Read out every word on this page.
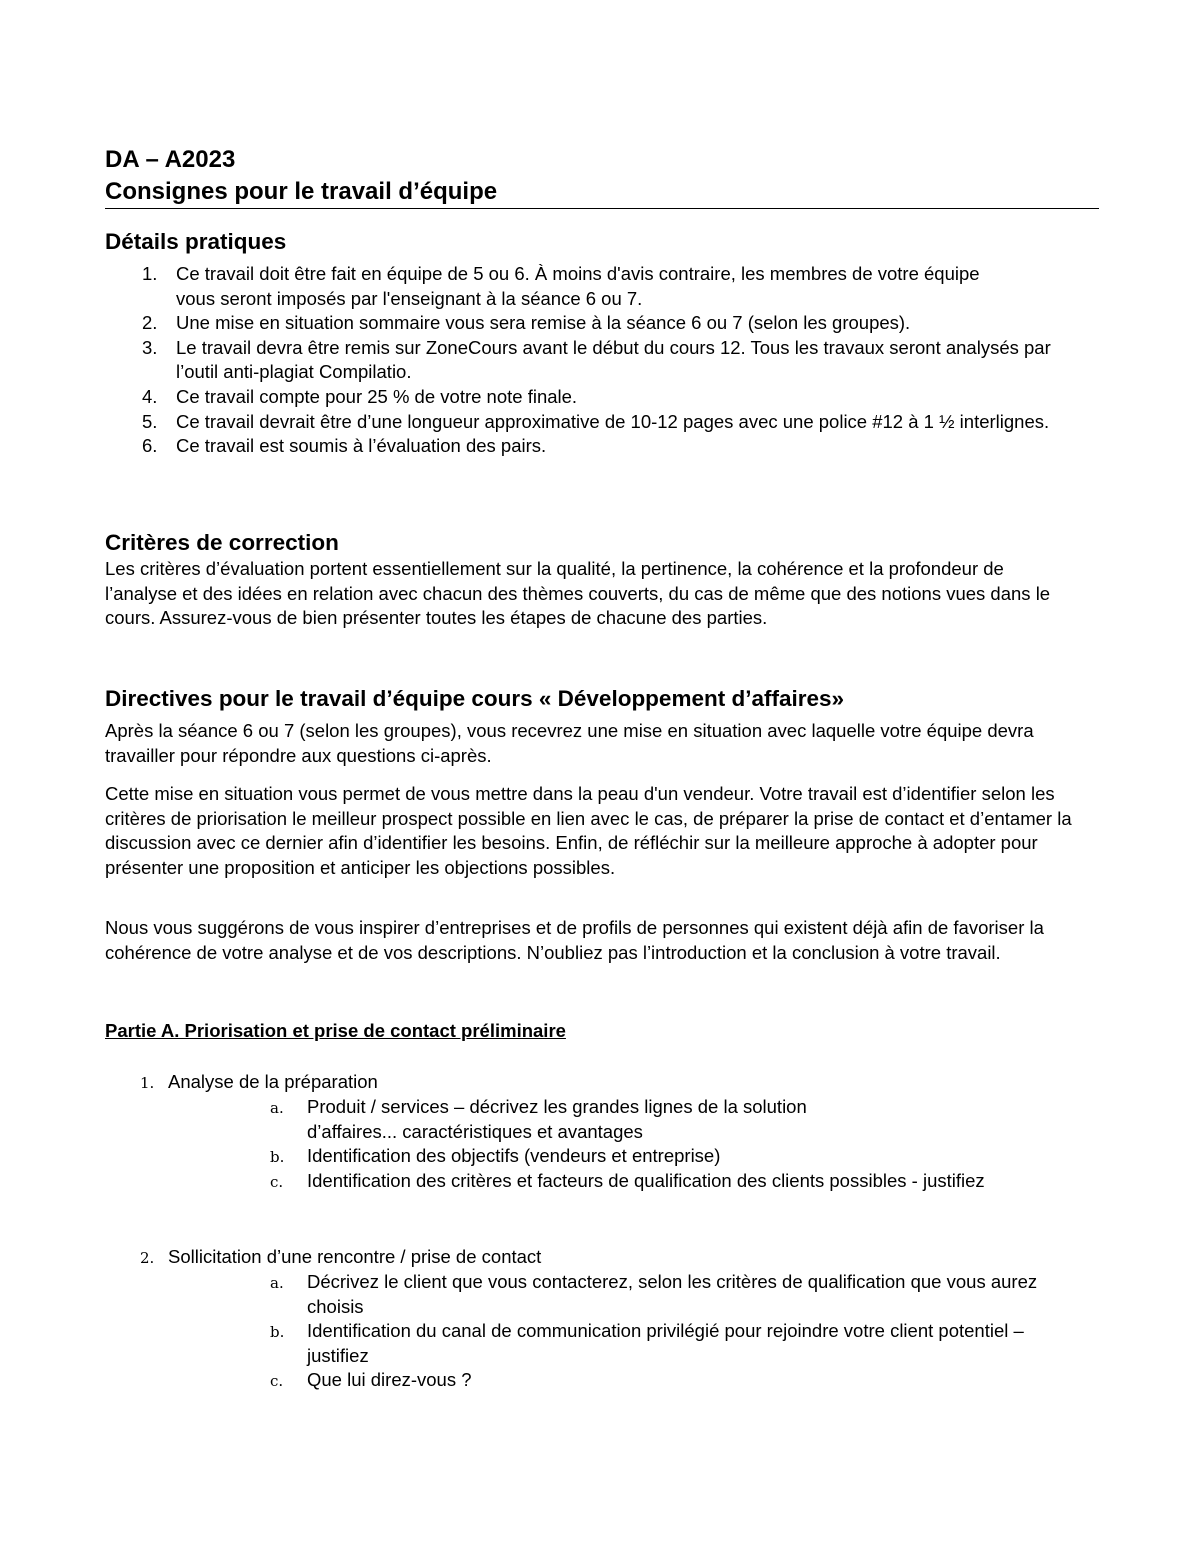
DA – A2023

Consignes pour le travail d’équipe

Détails pratiques
1. Ce travail doit être fait en équipe de 5 ou 6. À moins d'avis contraire, les membres de votre équipe vous seront imposés par l'enseignant à la séance 6 ou 7.
2. Une mise en situation sommaire vous sera remise à la séance 6 ou 7 (selon les groupes).
3. Le travail devra être remis sur ZoneCours avant le début du cours 12. Tous les travaux seront analysés par l’outil anti-plagiat Compilatio.
4. Ce travail compte pour 25 % de votre note finale.
5. Ce travail devrait être d’une longueur approximative de 10-12 pages avec une police #12 à 1 ½ interlignes.
6. Ce travail est soumis à l’évaluation des pairs.
Critères de correction

Les critères d’évaluation portent essentiellement sur la qualité, la pertinence, la cohérence et la profondeur de l’analyse et des idées en relation avec chacun des thèmes couverts, du cas de même que des notions vues dans le cours. Assurez-vous de bien présenter toutes les étapes de chacune des parties.

Directives pour le travail d’équipe cours « Développement d’affaires»

Après la séance 6 ou 7 (selon les groupes), vous recevrez une mise en situation avec laquelle votre équipe devra travailler pour répondre aux questions ci-après.

Cette mise en situation vous permet de vous mettre dans la peau d'un vendeur. Votre travail est d’identifier selon les critères de priorisation le meilleur prospect possible en lien avec le cas, de préparer la prise de contact et d’entamer la discussion avec ce dernier afin d’identifier les besoins. Enfin, de réfléchir sur la meilleure approche à adopter pour présenter une proposition et anticiper les objections possibles.

Nous vous suggérons de vous inspirer d’entreprises et de profils de personnes qui existent déjà afin de favoriser la cohérence de votre analyse et de vos descriptions. N’oubliez pas l’introduction et la conclusion à votre travail.

Partie A. Priorisation et prise de contact préliminaire

1. Analyse de la préparation

a. Produit / services – décrivez les grandes lignes de la solution d’affaires... caractéristiques et avantages
b. Identification des objectifs (vendeurs et entreprise)
c. Identification des critères et facteurs de qualification des clients possibles - justifiez

2. Sollicitation d’une rencontre / prise de contact

a. Décrivez le client que vous contacterez, selon les critères de qualification que vous aurez choisis
b. Identification du canal de communication privilégié pour rejoindre votre client potentiel – justifiez
c. Que lui direz-vous ?
